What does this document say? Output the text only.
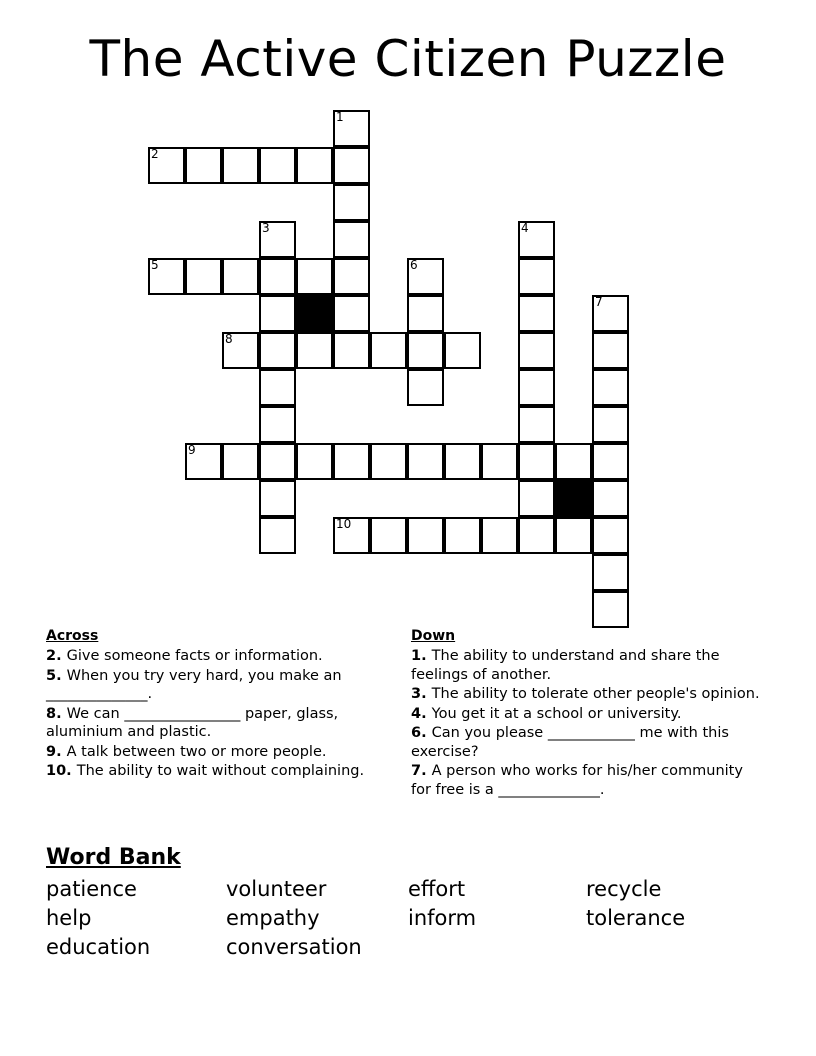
The Active Citizen Puzzle
1
2
3	4
5	6
7
8
9
10
Across

2. Give someone facts or information.

5. When you try very hard, you make an ______________.

8. We can ________________ paper, glass, aluminium and plastic.

9. A talk between two or more people.

10. The ability to wait without complaining.

Down

1. The ability to understand and share the feelings of another.

3. The ability to tolerate other people's opinion.

4. You get it at a school or university.

6. Can you please ____________ me with this exercise?

7. A person who works for his/her community for free is a ______________.

Word Bank
patience
help
education
volunteer
empathy
conversation
effort
inform
recycle
tolerance
